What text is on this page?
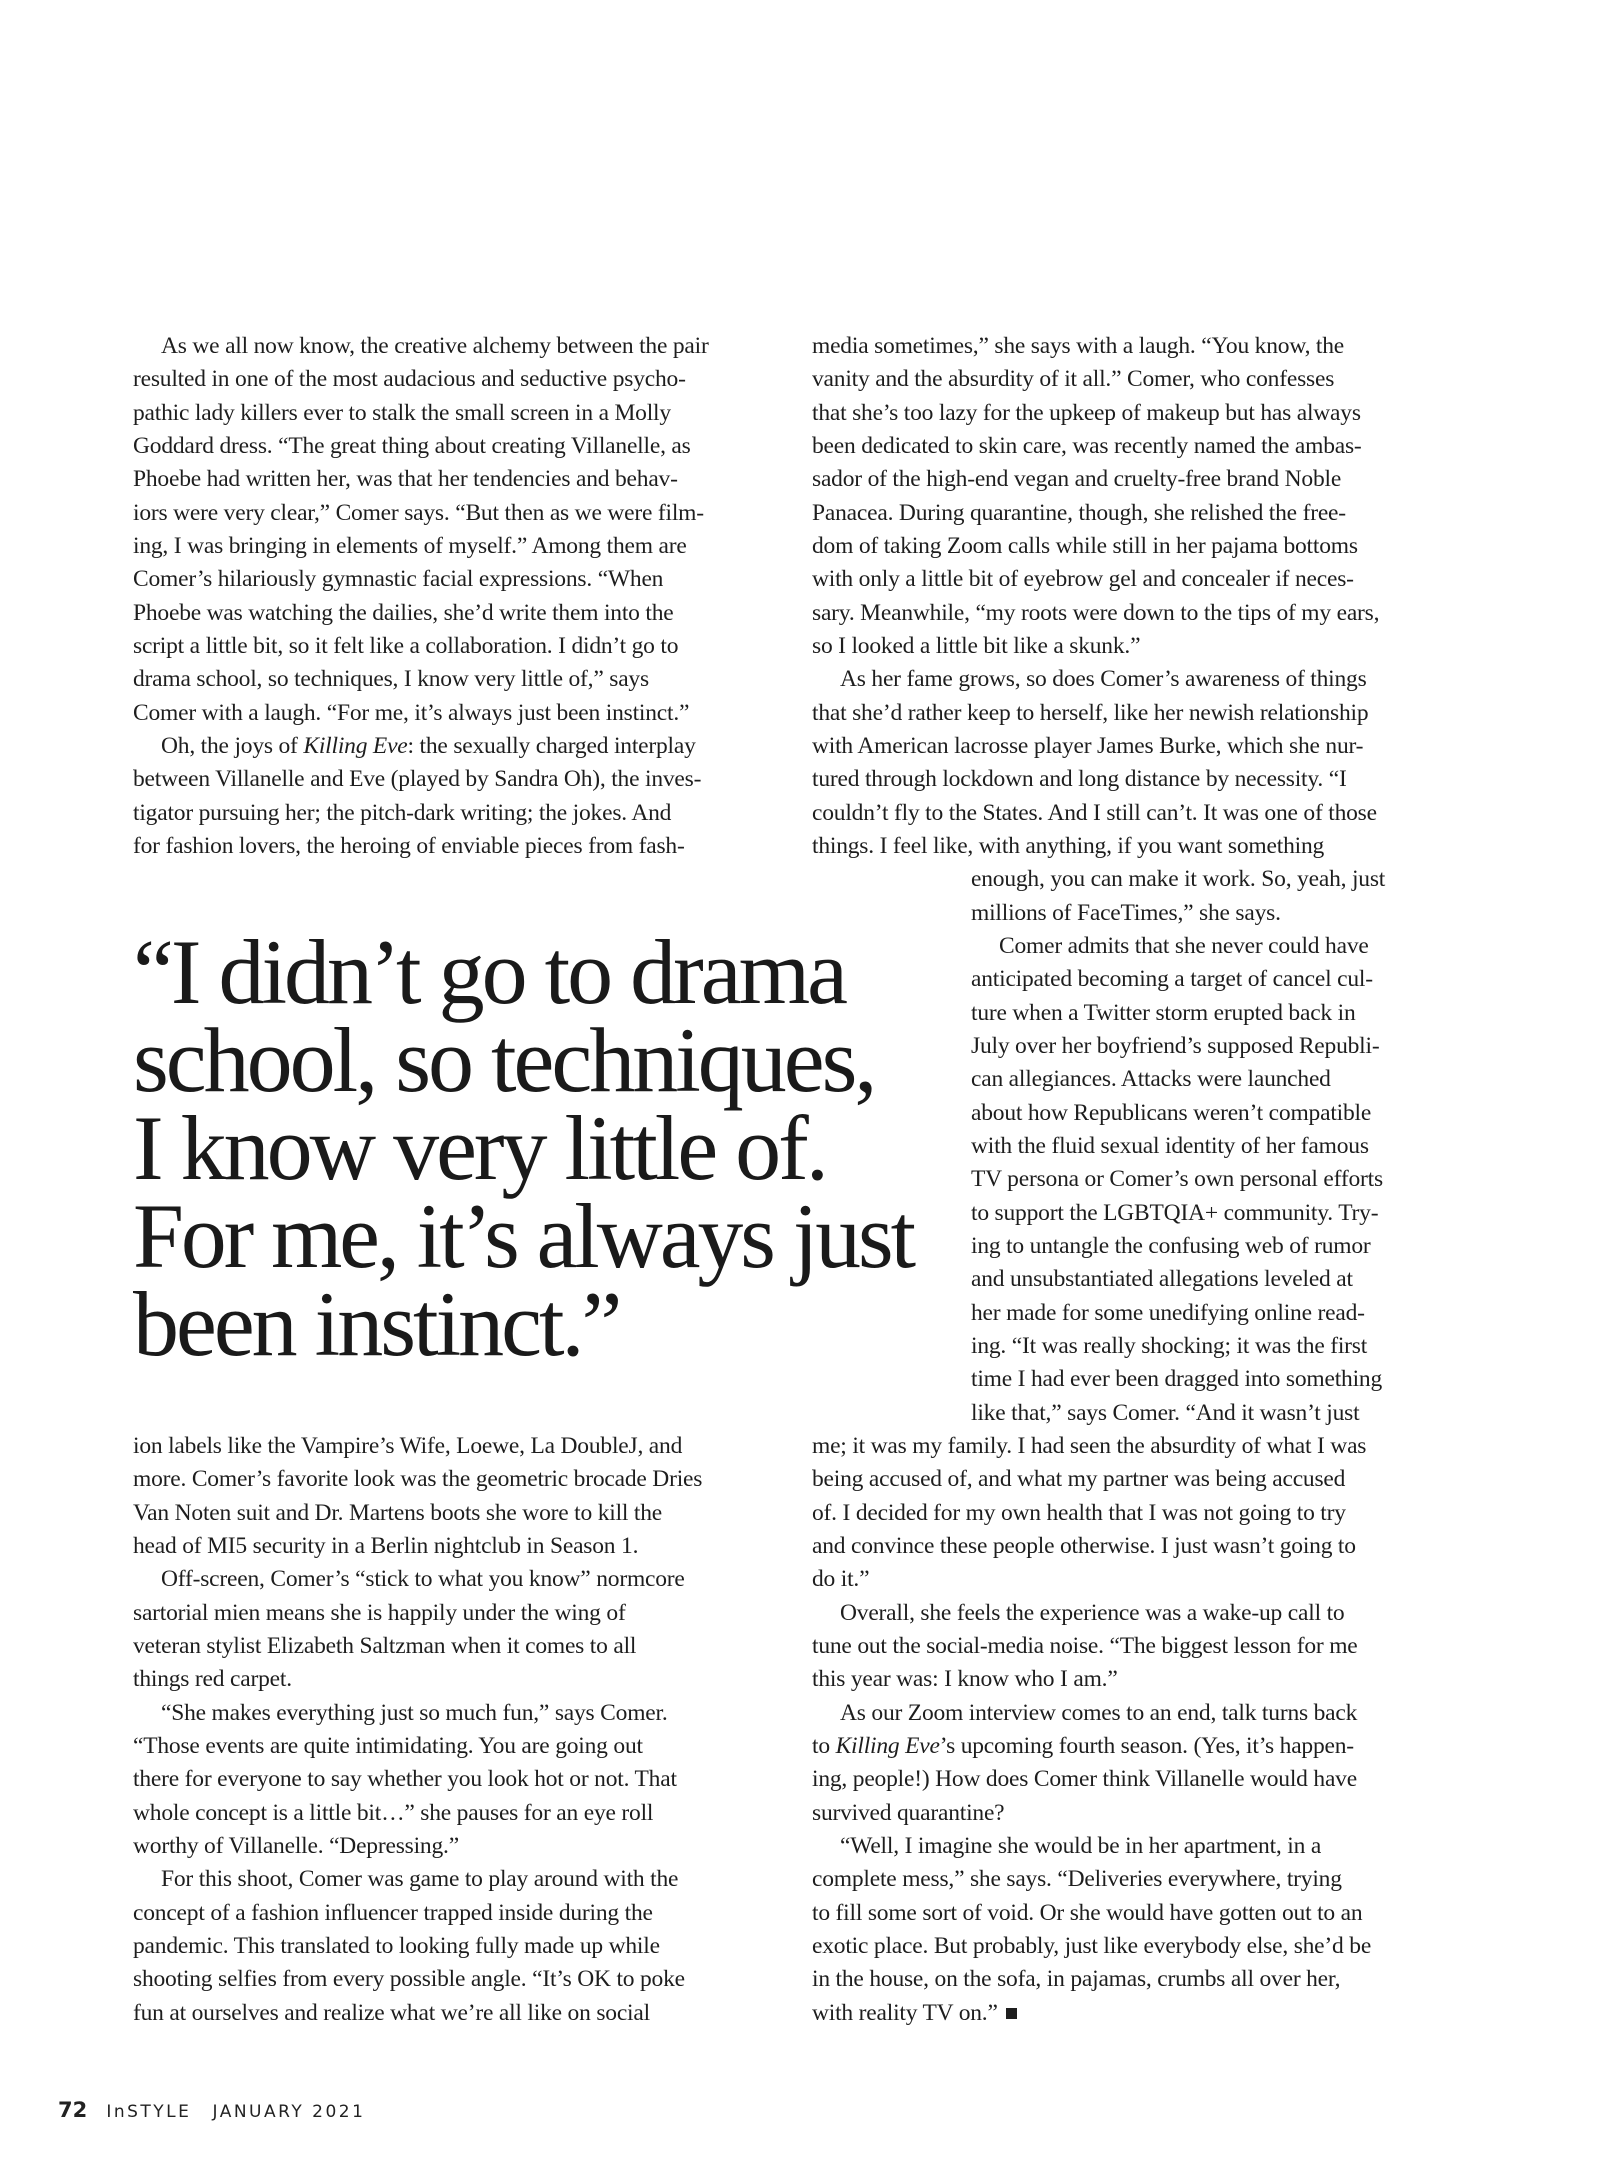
As we all now know, the creative alchemy between the pair
resulted in one of the most audacious and seductive psycho-
pathic lady killers ever to stalk the small screen in a Molly
Goddard dress. “The great thing about creating Villanelle, as
Phoebe had written her, was that her tendencies and behav-
iors were very clear,” Comer says. “But then as we were film-
ing, I was bringing in elements of myself.” Among them are
Comer’s hilariously gymnastic facial expressions. “When
Phoebe was watching the dailies, she’d write them into the
script a little bit, so it felt like a collaboration. I didn’t go to
drama school, so techniques, I know very little of,” says
Comer with a laugh. “For me, it’s always just been instinct.”
Oh, the joys of Killing Eve: the sexually charged interplay
between Villanelle and Eve (played by Sandra Oh), the inves-
tigator pursuing her; the pitch-dark writing; the jokes. And
for fashion lovers, the heroing of enviable pieces from fash-
ion labels like the Vampire’s Wife, Loewe, La DoubleJ, and
more. Comer’s favorite look was the geometric brocade Dries
Van Noten suit and Dr. Martens boots she wore to kill the
head of MI5 security in a Berlin nightclub in Season 1.
Off-screen, Comer’s “stick to what you know” normcore
sartorial mien means she is happily under the wing of
veteran stylist Elizabeth Saltzman when it comes to all
things red carpet.
“She makes everything just so much fun,” says Comer.
“Those events are quite intimidating. You are going out
there for everyone to say whether you look hot or not. That
whole concept is a little bit…” she pauses for an eye roll
worthy of Villanelle. “Depressing.”
For this shoot, Comer was game to play around with the
concept of a fashion influencer trapped inside during the
pandemic. This translated to looking fully made up while
shooting selfies from every possible angle. “It’s OK to poke
fun at ourselves and realize what we’re all like on social
media sometimes,” she says with a laugh. “You know, the
vanity and the absurdity of it all.” Comer, who confesses
that she’s too lazy for the upkeep of makeup but has always
been dedicated to skin care, was recently named the ambas-
sador of the high-end vegan and cruelty-free brand Noble
Panacea. During quarantine, though, she relished the free-
dom of taking Zoom calls while still in her pajama bottoms
with only a little bit of eyebrow gel and concealer if neces-
sary. Meanwhile, “my roots were down to the tips of my ears,
so I looked a little bit like a skunk.”
As her fame grows, so does Comer’s awareness of things
that she’d rather keep to herself, like her newish relationship
with American lacrosse player James Burke, which she nur-
tured through lockdown and long distance by necessity. “I
couldn’t fly to the States. And I still can’t. It was one of those
things. I feel like, with anything, if you want something
enough, you can make it work. So, yeah, just
millions of FaceTimes,” she says.
Comer admits that she never could have
anticipated becoming a target of cancel cul-
ture when a Twitter storm erupted back in
July over her boyfriend’s supposed Republi-
can allegiances. Attacks were launched
about how Republicans weren’t compatible
with the fluid sexual identity of her famous
TV persona or Comer’s own personal efforts
to support the LGBTQIA+ community. Try-
ing to untangle the confusing web of rumor
and unsubstantiated allegations leveled at
her made for some unedifying online read-
ing. “It was really shocking; it was the first
time I had ever been dragged into something
like that,” says Comer. “And it wasn’t just
me; it was my family. I had seen the absurdity of what I was
being accused of, and what my partner was being accused
of. I decided for my own health that I was not going to try
and convince these people otherwise. I just wasn’t going to
do it.”
Overall, she feels the experience was a wake-up call to
tune out the social-media noise. “The biggest lesson for me
this year was: I know who I am.”
As our Zoom interview comes to an end, talk turns back
to Killing Eve’s upcoming fourth season. (Yes, it’s happen-
ing, people!) How does Comer think Villanelle would have
survived quarantine?
“Well, I imagine she would be in her apartment, in a
complete mess,” she says. “Deliveries everywhere, trying
to fill some sort of void. Or she would have gotten out to an
exotic place. But probably, just like everybody else, she’d be
in the house, on the sofa, in pajamas, crumbs all over her,
with reality TV on.”
“I didn’t go to drama
school, so techniques,
I know very little of.
For me, it’s always just
been instinct.”
72 InSTYLE JANUARY 2021
